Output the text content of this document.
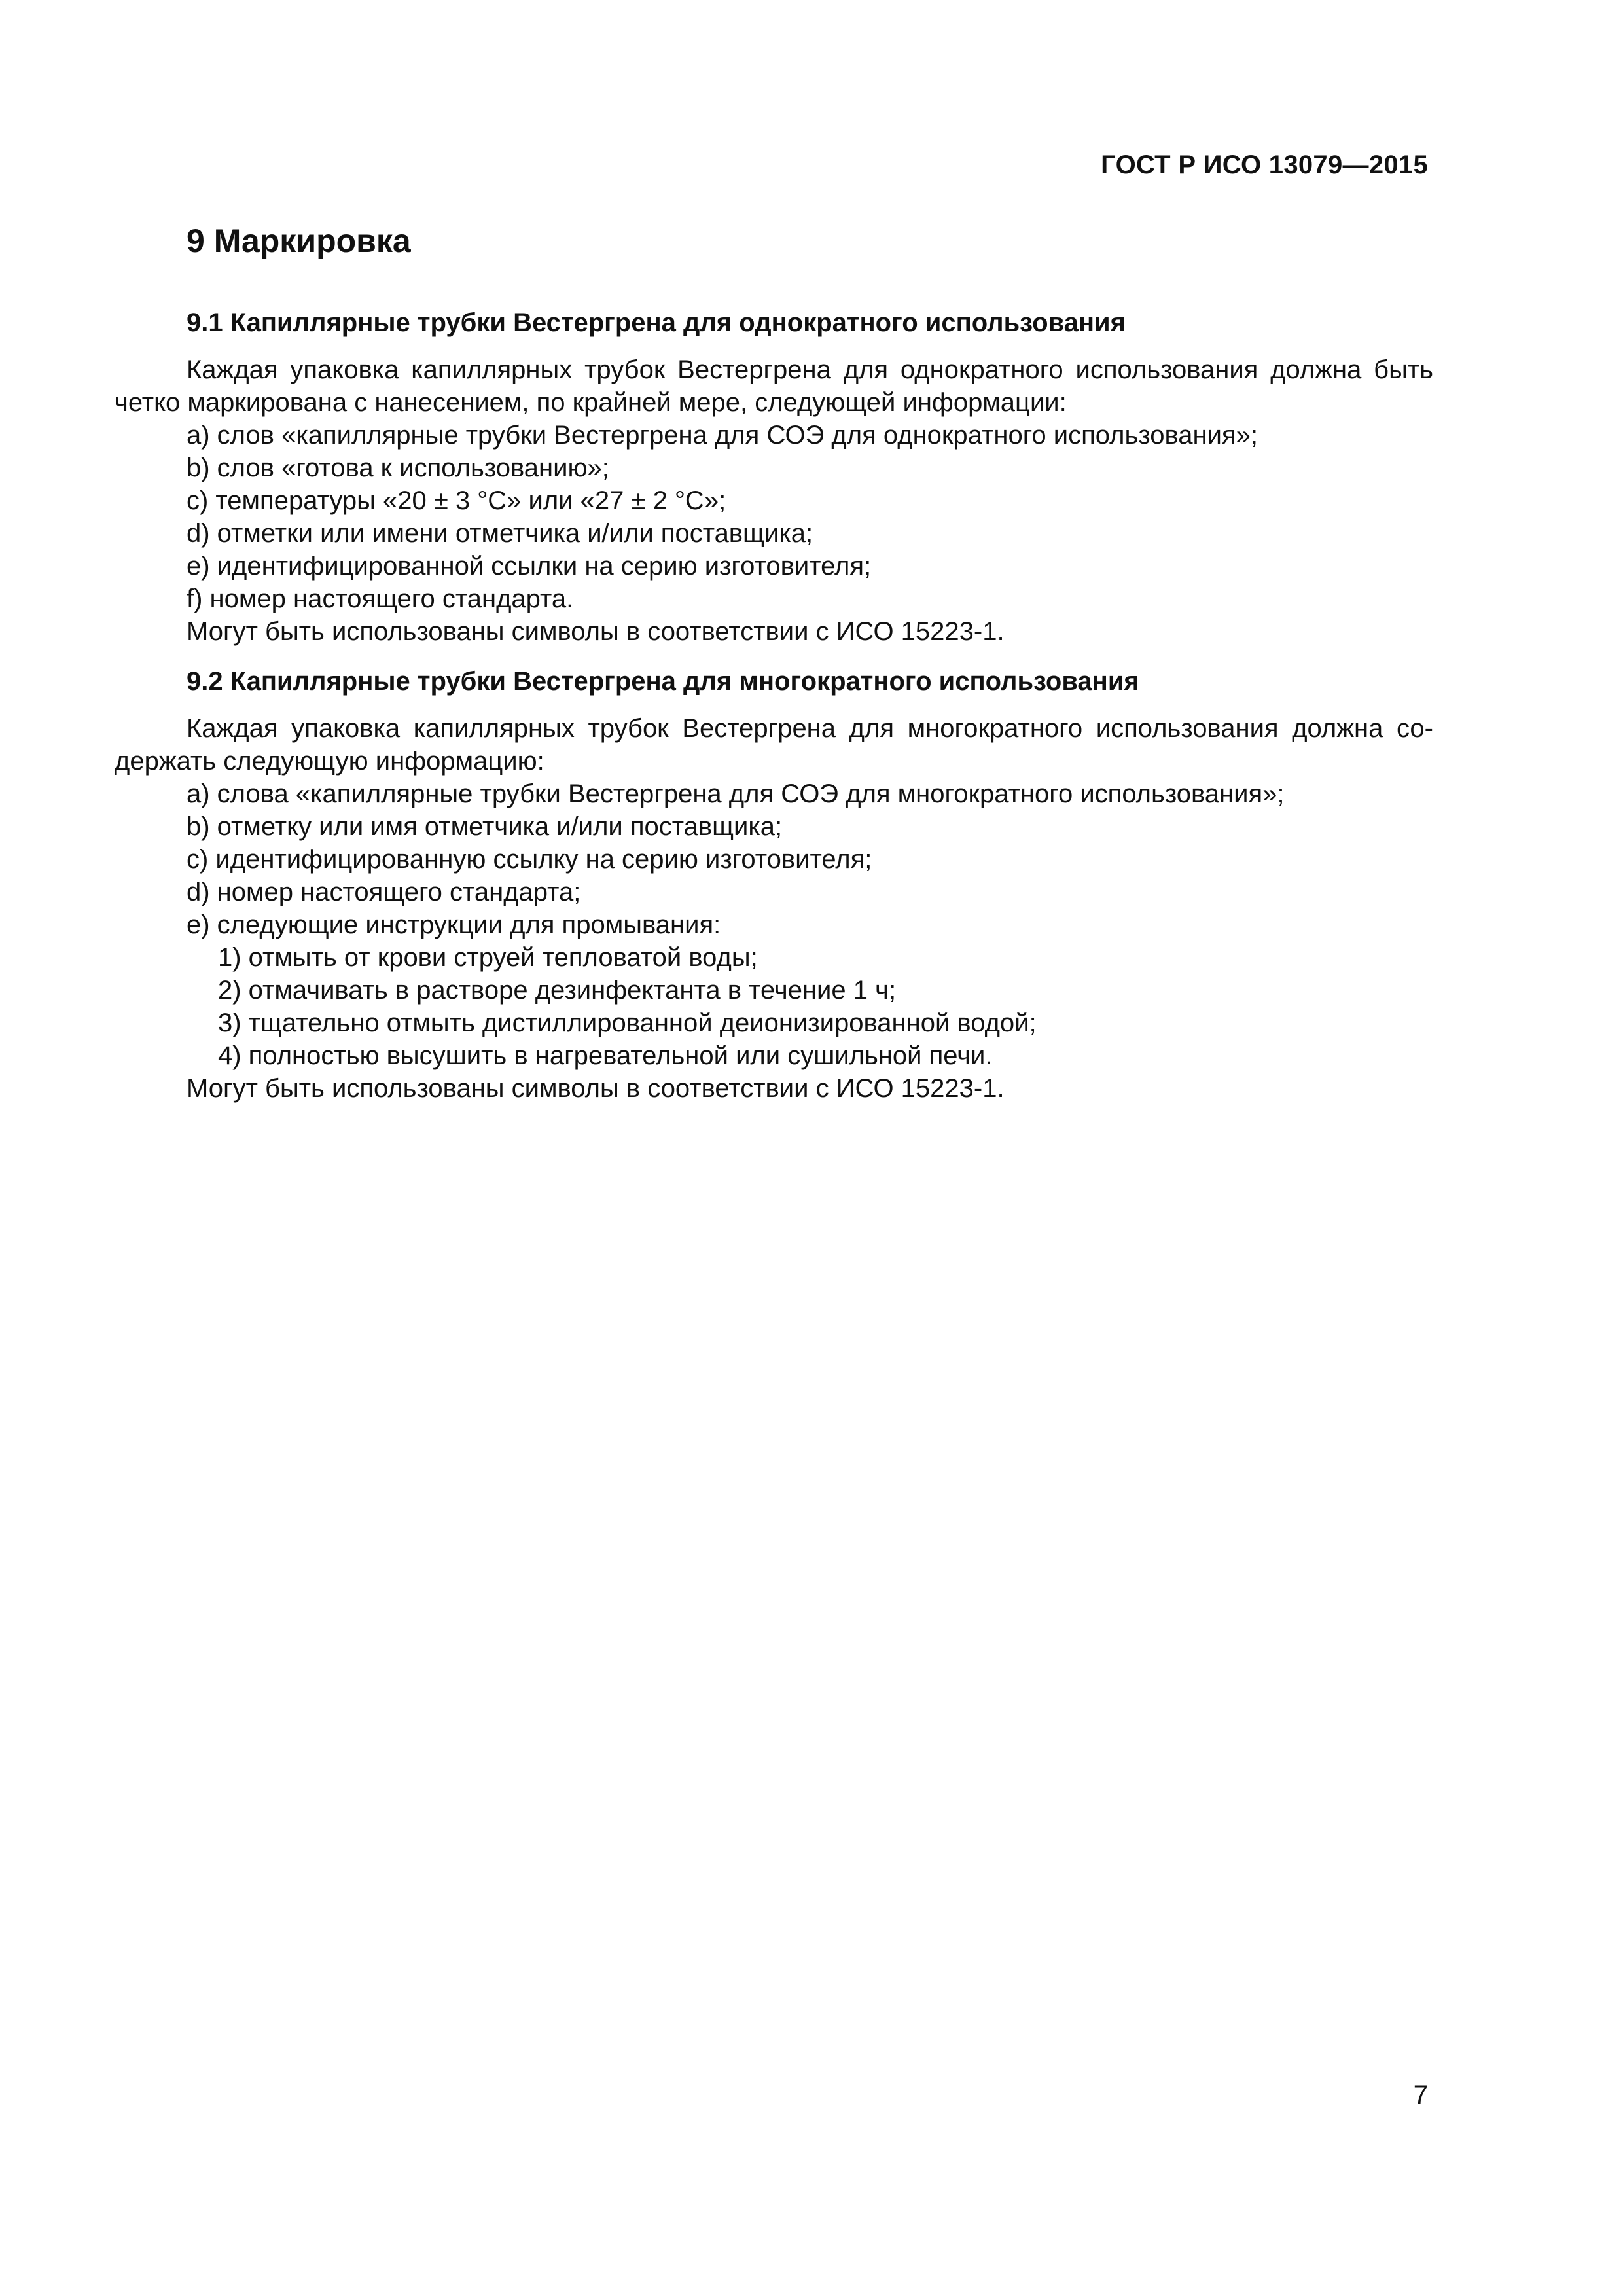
ГОСТ Р ИСО 13079—2015
9 Маркировка
9.1 Капиллярные трубки Вестергрена для однократного использования

Каждая упаковка капиллярных трубок Вестергрена для однократного использования должна быть четко маркирована с нанесением, по крайней мере, следующей информации:

a) слов «капиллярные трубки Вестергрена для СОЭ для однократного использования»;

b) слов «готова к использованию»;

c) температуры «20 ± 3 °С» или «27 ± 2 °С»;

d) отметки или имени отметчика и/или поставщика;

e) идентифицированной ссылки на серию изготовителя;

f) номер настоящего стандарта.

Могут быть использованы символы в соответствии с ИСО 15223-1.

9.2 Капиллярные трубки Вестергрена для многократного использования

Каждая упаковка капиллярных трубок Вестергрена для многократного использования должна со-держать следующую информацию:

a) слова «капиллярные трубки Вестергрена для СОЭ для многократного использования»;

b) отметку или имя отметчика и/или поставщика;

c) идентифицированную ссылку на серию изготовителя;

d) номер настоящего стандарта;

e) следующие инструкции для промывания:

1) отмыть от крови струей тепловатой воды;

2) отмачивать в растворе дезинфектанта в течение 1 ч;

3) тщательно отмыть дистиллированной деионизированной водой;

4) полностью высушить в нагревательной или сушильной печи.

Могут быть использованы символы в соответствии с ИСО 15223-1.

7
